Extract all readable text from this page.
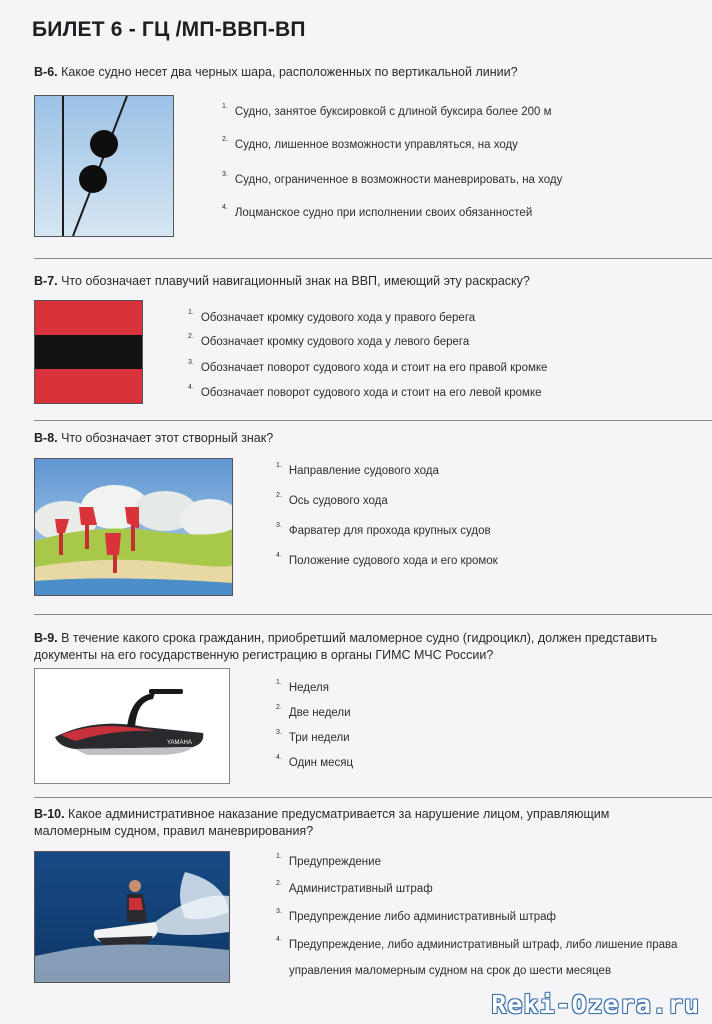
БИЛЕТ 6 - ГЦ /МП-ВВП-ВП
В-6. Какое судно несет два черных шара, расположенных по вертикальной линии?
$^{1.}$ Судно, занятое буксировкой с длиной буксира более 200 м
$^{2.}$ Судно, лишенное возможности управляться, на ходу
$^{3.}$ Судно, ограниченное в возможности маневрировать, на ходу
$^{4.}$ Лоцманское судно при исполнении своих обязанностей
В-7. Что обозначает плавучий навигационный знак на ВВП, имеющий эту раскраску?
$^{1.}$ Обозначает кромку судового хода у правого берега
$^{2.}$ Обозначает кромку судового хода у левого берега
$^{3.}$ Обозначает поворот судового хода и стоит на его правой кромке
$^{4.}$ Обозначает поворот судового хода и стоит на его левой кромке
В-8. Что обозначает этот створный знак?
$^{1.}$ Направление судового хода
$^{2.}$ Ось судового хода
$^{3.}$ Фарватер для прохода крупных судов
$^{4.}$ Положение судового хода и его кромок
В-9. В течение какого срока гражданин, приобретший маломерное судно (гидроцикл), должен представить документы на его государственную регистрацию в органы ГИМС МЧС России?
YAMAHA
$^{1.}$ Неделя
$^{2.}$ Две недели
$^{3.}$ Три недели
$^{4.}$ Один месяц
В-10. Какое административное наказание предусматривается за нарушение лицом, управляющим маломерным судном, правил маневрирования?
$^{1.}$ Предупреждение
$^{2.}$ Административный штраф
$^{3.}$ Предупреждение либо административный штраф
$^{4.}$ Предупреждение, либо административный штраф, либо лишение права
управления маломерным судном на срок до шести месяцев
Reki-Ozera.ru
